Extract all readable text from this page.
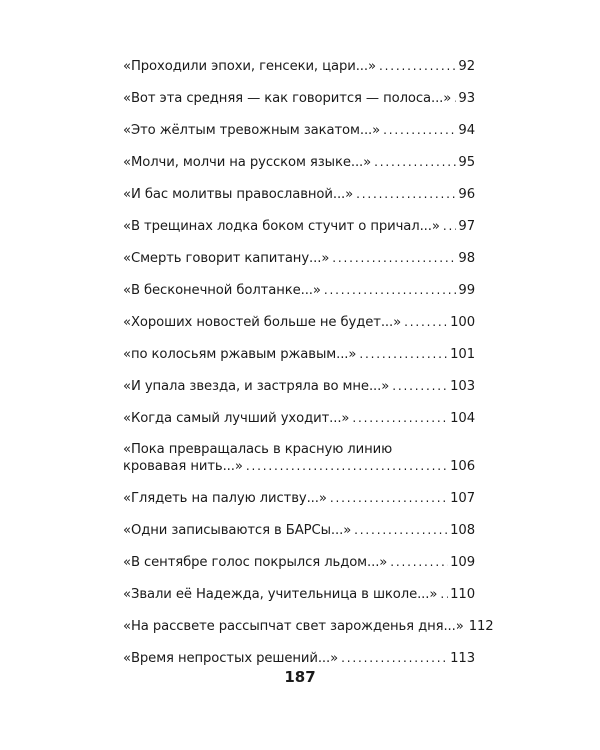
«Проходили эпохи, генсеки, цари...» . . .	92
«Вот эта средняя — как говорится — полоса...» . . . 93
«Это жёлтым тревожным закатом...» . . .	94
«Молчи, молчи на русском языке...» . . .	95
«И бас молитвы православной...» . . .	96
«В трещинах лодка боком стучит о причал...» . . . 97
«Смерть говорит капитану...» . . .	98
«В бесконечной болтанке...» . . .	99
«Хороших новостей больше не будет...» . . .	100
«по колосьям ржавым ржавым...» . . .	101
«И упала звезда, и застряла во мне...» . . .	103
«Когда самый лучший уходит...» . . .	104
«Пока превращалась в красную линию
кровавая нить...» . . .	106
«Глядеть на палую листву...» . . .	107
«Одни записываются в БАРСы...» . . .	108
«В сентябре голос покрылся льдом...» . . .	109
«Звали её Надежда, учительница в школе...» . . . 110
«На рассвете рассыпчат свет зарожденья дня...» 112
«Время непростых решений...» . . .	113
187
